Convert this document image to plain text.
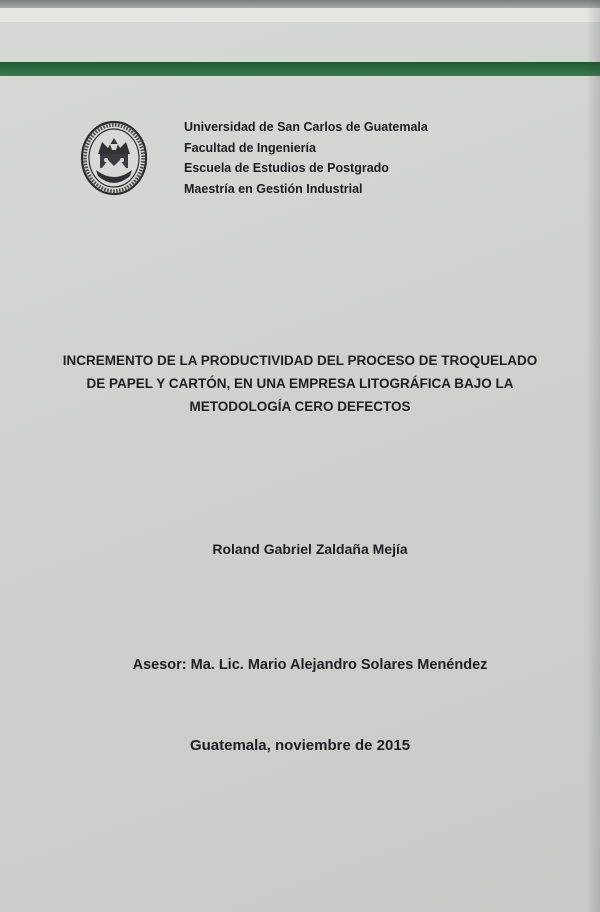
Universidad de San Carlos de Guatemala
Facultad de Ingeniería
Escuela de Estudios de Postgrado
Maestría en Gestión Industrial
INCREMENTO DE LA PRODUCTIVIDAD DEL PROCESO DE TROQUELADO
DE PAPEL Y CARTÓN, EN UNA EMPRESA LITOGRÁFICA BAJO LA
METODOLOGÍA CERO DEFECTOS
Roland Gabriel Zaldaña Mejía
Asesor: Ma. Lic. Mario Alejandro Solares Menéndez
Guatemala, noviembre de 2015
